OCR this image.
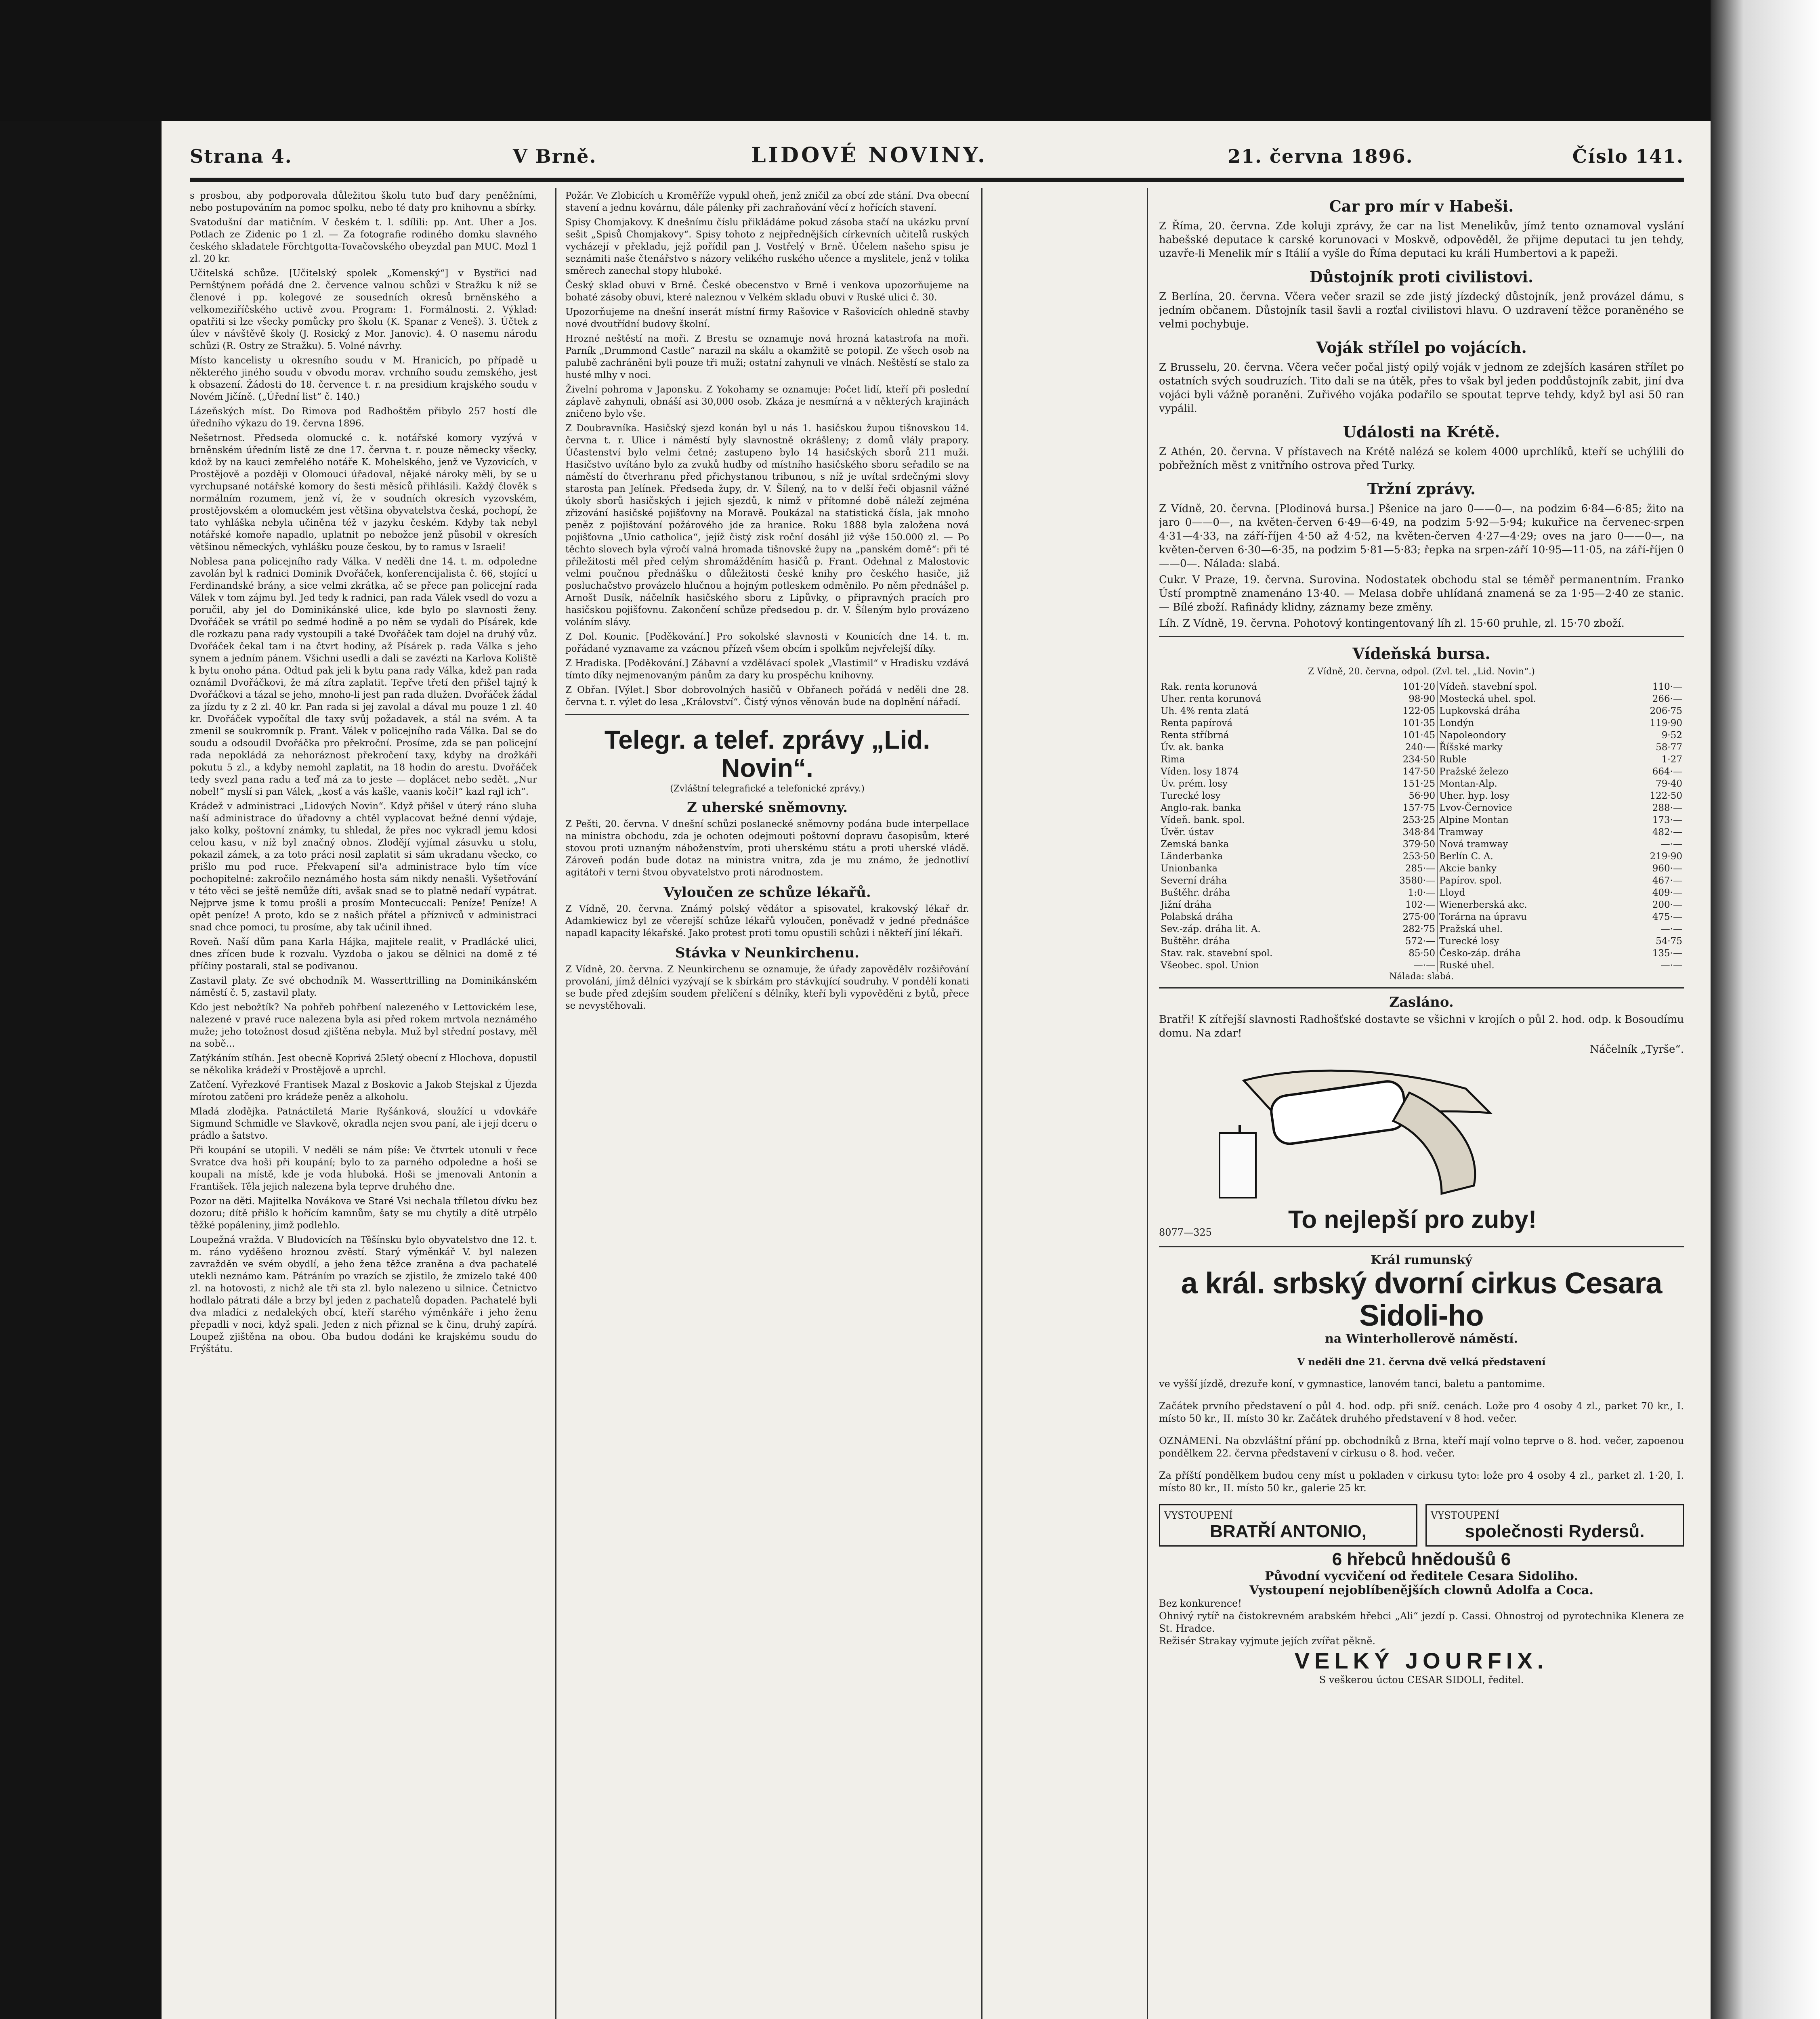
Strana 4.	V Brně.	LIDOVÉ NOVINY.	21. června 1896.	Číslo 141.

s prosbou, aby podporovala důležitou školu tuto buď dary peněžními, nebo postupováním na pomoc spolku, nebo té daty pro knihovnu a sbírky.

Svatodušní dar matičním. V českém t. l. sdílili: pp. Ant. Uher a Jos. Potlach ze Zidenic po 1 zl. — Za fotografie rodiného domku slavného českého skladatele Förchtgotta-Tovačovského obeyzdal pan MUC. Mozl 1 zl. 20 kr.

Učitelská schůze. [Učitelský spolek „Komenský“] v Bystřici nad Pernštýnem pořádá dne 2. července valnou schůzi v Stražku k níž se členové i pp. kolegové ze sousedních okresů brněnského a velkomeziříčského uctivě zvou. Program: 1. Formálnosti. 2. Výklad: opatřiti si lze všecky pomůcky pro školu (K. Spanar z Veneš). 3. Účtek z úlev v návštěvě školy (J. Rosický z Mor. Janovic). 4. O nasemu národu schůzi (R. Ostry ze Stražku). 5. Volné návrhy.

Místo kancelisty u okresního soudu v M. Hranicích, po případě u některého jiného soudu v obvodu morav. vrchního soudu zemského, jest k obsazení. Žádosti do 18. července t. r. na presidium krajského soudu v Novém Jičíně. („Úřední list“ č. 140.)

Lázeňských míst. Do Rimova pod Radhoštěm přibylo 257 hostí dle úředního výkazu do 19. června 1896.

Nešetrnost. Předseda olomucké c. k. notářské komory vyzývá v brněnském úředním listě ze dne 17. června t. r. pouze německy všecky, kdož by na kauci zemřelého notáře K. Mohelského, jenž ve Vyzovicích, v Prostějově a později v Olomouci úřadoval, nějaké nároky měli, by se u vyrchupsané notářské komory do šesti měsíců přihlásili. Každý člověk s normálním rozumem, jenž ví, že v soudních okresích vyzovském, prostějovském a olomuckém jest většina obyvatelstva česká, pochopí, že tato vyhláška nebyla učiněna též v jazyku českém. Kdyby tak nebyl notářské komoře napadlo, uplatnit po nebožce jenž působil v okresích většinou německých, vyhlášku pouze českou, by to ramus v Israeli!

Noblesa pana policejního rady Válka. V neděli dne 14. t. m. odpoledne zavolán byl k radnici Dominik Dvořáček, konferencijalista č. 66, stojící u Ferdinandské brány, a sice velmi zkrátka, ač se přece pan policejní rada Válek v tom zájmu byl. Jed tedy k radnici, pan rada Válek vsedl do vozu a poručil, aby jel do Dominikánské ulice, kde bylo po slavnosti ženy. Dvořáček se vrátil po sedmé hodině a po něm se vydali do Písárek, kde dle rozkazu pana rady vystoupili a také Dvořáček tam dojel na druhý vůz. Dvořáček čekal tam i na čtvrt hodiny, až Písárek p. rada Válka s jeho synem a jedním pánem. Všichni usedli a dali se zavézti na Karlova Koliště k bytu onoho pána. Odtud pak jeli k bytu pana rady Válka, kdež pan rada oznámil Dvořáčkovi, že má zítra zaplatit. Tepřve třetí den přišel tajný k Dvořáčkovi a tázal se jeho, mnoho-li jest pan rada dlužen. Dvořáček žádal za jízdu ty z 2 zl. 40 kr. Pan rada si jej zavolal a dával mu pouze 1 zl. 40 kr. Dvořáček vypočítal dle taxy svůj požadavek, a stál na svém. A ta zmenil se soukromník p. Frant. Válek v policejního rada Válka. Dal se do soudu a odsoudil Dvořáčka pro překroční. Prosíme, zda se pan policejní rada nepokládá za nehoráznost překročení taxy, kdyby na drožkáři pokutu 5 zl., a kdyby nemohl zaplatit, na 18 hodin do arestu. Dvořáček tedy svezl pana radu a teď má za to jeste — doplácet nebo sedět. „Nur nobel!“ myslí si pan Válek, „kosť a vás kašle, vaanis kočí!“ kazl rajl ich“.

Krádež v administraci „Lidových Novin“. Když přišel v úterý ráno sluha naší administrace do úřadovny a chtěl vyplacovat bežné denní výdaje, jako kolky, poštovní známky, tu shledal, že přes noc vykradl jemu kdosi celou kasu, v níž byl značný obnos. Zlodějí vyjímal zásuvku u stolu, pokazil zámek, a za toto práci nosil zaplatit si sám ukradanu všecko, co prišlo mu pod ruce. Překvapení sil'a administrace bylo tím více pochopitelné: zakročilo neznámého hosta sám nikdy nenašli. Vyšetřování v této věci se ještě nemůže díti, avšak snad se to platně nedaří vypátrat. Nejprve jsme k tomu prošli a prosím Montecuccali: Peníze! Peníze! A opět peníze! A proto, kdo se z našich přátel a příznivců v administraci snad chce pomoci, tu prosíme, aby tak učinil ihned.

Roveň. Naší dům pana Karla Hájka, majitele realit, v Pradlácké ulici, dnes zřícen bude k rozvalu. Vyzdoba o jakou se dělnici na domě z té příčiny postarali, stal se podivanou.

Zastavil platy. Ze své obchodník M. Wasserttrilling na Dominikánském náměstí č. 5, zastavil platy.

Kdo jest nebožtík? Na pohřeb pohřbení nalezeného v Lettovickém lese, nalezené v pravé ruce nalezena byla asi před rokem mrtvola neznámého muže; jeho totožnost dosud zjištěna nebyla. Muž byl střední postavy, měl na sobě...

Zatýkáním stíhán. Jest obecně Koprivá 25letý obecní z Hlochova, dopustil se několika krádeží v Prostějově a uprchl.

Zatčení. Vyřezkové Frantisek Mazal z Boskovic a Jakob Stejskal z Újezda mírotou zatčeni pro krádeže peněz a alkoholu.

Mladá zlodějka. Patnáctiletá Marie Ryšánková, sloužící u vdovkáře Sigmund Schmidle ve Slavkově, okradla nejen svou paní, ale i její dceru o prádlo a šatstvo.

Při koupání se utopili. V neděli se nám píše: Ve čtvrtek utonuli v řece Svratce dva hoši při koupání; bylo to za parného odpoledne a hoši se koupali na místě, kde je voda hluboká. Hoši se jmenovali Antonín a František. Těla jejich nalezena byla teprve druhého dne.

Pozor na děti. Majitelka Novákova ve Staré Vsi nechala tříletou dívku bez dozoru; dítě přišlo k hořícím kamnům, šaty se mu chytily a dítě utrpělo těžké popáleniny, jimž podlehlo.

Loupežná vražda. V Bludovicích na Těšínsku bylo obyvatelstvo dne 12. t. m. ráno vyděšeno hroznou zvěstí. Starý výměnkář V. byl nalezen zavražděn ve svém obydlí, a jeho žena těžce zraněna a dva pachatelé utekli neznámo kam. Pátráním po vrazích se zjistilo, že zmizelo také 400 zl. na hotovosti, z nichž ale tři sta zl. bylo nalezeno u silnice. Četnictvo hodlalo pátrati dále a brzy byl jeden z pachatelů dopaden. Pachatelé byli dva mladíci z nedalekých obcí, kteří starého výměnkáře i jeho ženu přepadli v noci, když spali. Jeden z nich přiznal se k činu, druhý zapírá. Loupež zjištěna na obou. Oba budou dodáni ke krajskému soudu do Frýštátu.

Požár. Ve Zlobicích u Kroměříže vypukl oheň, jenž zničil za obcí zde stání. Dva obecní stavení a jednu kovárnu, dále pálenky při zachraňování věcí z hořících stavení.

Spisy Chomjakovy. K dnešnímu číslu přikládáme pokud zásoba stačí na ukázku první sešit „Spisů Chomjakovy“. Spisy tohoto z nejpřednějších církevních učitelů ruských vycházejí v překladu, jejž pořídil pan J. Vostřelý v Brně. Účelem našeho spisu je seznámiti naše čtenářstvo s názory velikého ruského učence a myslitele, jenž v tolika směrech zanechal stopy hluboké.

Český sklad obuvi v Brně. České obecenstvo v Brně i venkova upozorňujeme na bohaté zásoby obuvi, které naleznou v Velkém skladu obuvi v Ruské ulici č. 30.

Upozorňujeme na dnešní inserát místní firmy Rašovice v Rašovicích ohledně stavby nové dvoutřídní budovy školní.

Hrozné neštěstí na moři. Z Brestu se oznamuje nová hrozná katastrofa na moři. Parník „Drummond Castle“ narazil na skálu a okamžitě se potopil. Ze všech osob na palubě zachráněni byli pouze tři muži; ostatní zahynuli ve vlnách. Neštěstí se stalo za husté mlhy v noci.

Živelní pohroma v Japonsku. Z Yokohamy se oznamuje: Počet lidí, kteří při poslední záplavě zahynuli, obnáší asi 30,000 osob. Zkáza je nesmírná a v některých krajinách zničeno bylo vše.

Z Doubravníka. Hasičský sjezd konán byl u nás 1. hasičskou župou tišnovskou 14. června t. r. Ulice i náměstí byly slavnostně okrášleny; z domů vlály prapory. Účastenství bylo velmi četné; zastupeno bylo 14 hasičských sborů 211 muži. Hasičstvo uvítáno bylo za zvuků hudby od místního hasičského sboru seřadilo se na náměstí do čtverhranu před přichystanou tribunou, s níž je uvítal srdečnými slovy starosta pan Jelínek. Předseda župy, dr. V. Šílený, na to v delší řeči objasnil vážné úkoly sborů hasičských i jejich sjezdů, k nimž v přítomné době náleží zejména zřizování hasičské pojišťovny na Moravě. Poukázal na statistická čísla, jak mnoho peněz z pojištování požárového jde za hranice. Roku 1888 byla založena nová pojišťovna „Unio catholica“, jejíž čistý zisk roční dosáhl již výše 150.000 zl. — Po těchto slovech byla výročí valná hromada tišnovské župy na „panském domě“: při té příležitosti měl před celým shromážděním hasičů p. Frant. Odehnal z Malostovic velmi poučnou přednášku o důležitosti české knihy pro českého hasiče, již posluchačstvo provázelo hlučnou a hojným potleskem odměnilo. Po něm přednášel p. Arnošt Dusík, náčelník hasičského sboru z Lipůvky, o připravných pracích pro hasičskou pojišťovnu. Zakončení schůze předsedou p. dr. V. Šíleným bylo provázeno voláním slávy.

Z Dol. Kounic. [Poděkování.] Pro sokolské slavnosti v Kounicích dne 14. t. m. pořádané vyznavame za vzácnou přízeň všem obcím i spolkům nejvřelejší díky.

Z Hradiska. [Poděkování.] Zábavní a vzdělávací spolek „Vlastimil“ v Hradisku vzdává tímto díky nejmenovaným pánům za dary ku prospěchu knihovny.

Z Obřan. [Výlet.] Sbor dobrovolných hasičů v Obřanech pořádá v neděli dne 28. června t. r. výlet do lesa „Království“. Čistý výnos věnován bude na doplnění nářadí.

Telegr. a telef. zprávy „Lid. Novin“.
(Zvláštní telegrafické a telefonické zprávy.)
Z uherské sněmovny.

Z Pešti, 20. června. V dnešní schůzi poslanecké sněmovny podána bude interpellace na ministra obchodu, zda je ochoten odejmouti poštovní dopravu časopisům, které stovou proti uznaným náboženstvím, proti uherskému státu a proti uherské vládě. Zároveň podán bude dotaz na ministra vnitra, zda je mu známo, že jednotliví agitátoři v terni štvou obyvatelstvo proti národnostem.

Vyloučen ze schůze lékařů.

Z Vídně, 20. června. Známý polský vědátor a spisovatel, krakovský lékař dr. Adamkiewicz byl ze včerejší schůze lékařů vyloučen, poněvadž v jedné přednášce napadl kapacity lékařské. Jako protest proti tomu opustili schůzi i někteří jiní lékaři.

Stávka v Neunkirchenu.

Z Vídně, 20. června. Z Neunkirchenu se oznamuje, že úřady zapovědělv rozšiřování provolání, jímž dělníci vyzývají se k sbírkám pro stávkující soudruhy. V pondělí konati se bude před zdejším soudem přelíčení s dělníky, kteří byli vypověděni z bytů, přece se nevystěhovali.

Car pro mír v Habeši.

Z Říma, 20. června. Zde koluji zprávy, že car na list Menelikův, jímž tento oznamoval vyslání habešské deputace k carské korunovaci v Moskvě, odpověděl, že přijme deputaci tu jen tehdy, uzavře-li Menelik mír s Itálií a vyšle do Říma deputaci ku králi Humbertovi a k papeži.

Důstojník proti civilistovi.

Z Berlína, 20. června. Včera večer srazil se zde jistý jízdecký důstojník, jenž provázel dámu, s jedním občanem. Důstojník tasil šavli a rozťal civilistovi hlavu. O uzdravení těžce poraněného se velmi pochybuje.

Voják střílel po vojácích.

Z Brusselu, 20. června. Včera večer počal jistý opilý voják v jednom ze zdejších kasáren střílet po ostatních svých soudruzích. Tito dali se na útěk, přes to však byl jeden poddůstojník zabit, jiní dva vojáci byli vážně poraněni. Zuřivého vojáka podařilo se spoutat teprve tehdy, když byl asi 50 ran vypálil.

Události na Krétě.

Z Athén, 20. června. V přístavech na Krétě nalézá se kolem 4000 uprchlíků, kteří se uchýlili do pobřežních měst z vnitřního ostrova před Turky.

Tržní zprávy.

Z Vídně, 20. června. [Plodinová bursa.] Pšenice na jaro 0——0—, na podzim 6·84—6·85; žito na jaro 0——0—, na květen-červen 6·49—6·49, na podzim 5·92—5·94; kukuřice na červenec-srpen 4·31—4·33, na září-říjen 4·50 až 4·52, na květen-červen 4·27—4·29; oves na jaro 0——0—, na květen-červen 6·30—6·35, na podzim 5·81—5·83; řepka na srpen-září 10·95—11·05, na září-říjen 0——0—. Nálada: slabá.

Cukr. V Praze, 19. června. Surovina. Nodostatek obchodu stal se téměř permanentním. Franko Ústí promptně znamenáno 13·40. — Melasa dobře uhlídaná znamená se za 1·95—2·40 ze stanic. — Bílé zboží. Rafinády klidny, záznamy beze změny.

Líh. Z Vídně, 19. června. Pohotový kontingentovaný líh zl. 15·60 pruhle, zl. 15·70 zboží.

Vídeňská bursa.
Z Vídně, 20. června, odpol. (Zvl. tel. „Lid. Novin“.)
Rak. renta korunová	101·20	Vídeň. stavební spol.	110·—
Uher. renta korunová	98·90	Mostecká uhel. spol.	266·—
Uh. 4% renta zlatá	122·05	Lupkovská dráha	206·75
Renta papírová	101·35	Londýn	119·90
Renta stříbrná	101·45	Napoleondory	9·52
Úv. ak. banka	240·—	Říšské marky	58·77
Rima	234·50	Ruble	1·27
Víden. losy 1874	147·50	Pražské železo	664·—
Úv. prém. losy	151·25	Montan-Alp.	79·40
Turecké losy	56·90	Uher. hyp. losy	122·50
Anglo-rak. banka	157·75	Lvov-Černovice	288·—
Vídeň. bank. spol.	253·25	Alpine Montan	173·—
Úvěr. ústav	348·84	Tramway	482·—
Zemská banka	379·50	Nová tramway	—·—
Länderbanka	253·50	Berlín C. A.	219·90
Unionbanka	285·—	Akcie banky	960·—
Severní dráha	3580·—	Papírov. spol.	467·—
Buštěhr. dráha	1:0·—	Lloyd	409·—
Jižní dráha	102·—	Wienerberská akc.	200·—
Polabská dráha	275·00	Torárna na úpravu	475·—
Sev.-záp. dráha lit. A.	282·75	Pražská uhel.	—·—
Buštěhr. dráha	572·—	Turecké losy	54·75
Stav. rak. stavební spol.	85·50	Česko-záp. dráha	135·—
Všeobec. spol. Union	—·—	Ruské uhel.	—·—
Nálada: slabá.
Zasláno.

Bratři! K zítřejší slavnosti Radhošťské dostavte se všichni v krojích o půl 2. hod. odp. k Bosoudímu domu. Na zdar!

Náčelník „Tyrše“.

8077—325	To nejlepší pro zuby!
Král rumunský
a král. srbský dvorní cirkus Cesara Sidoli-ho
na Winterhollerově náměstí.

V neděli dne 21. června dvě velká představení

ve vyšší jízdě, drezuře koní, v gymnastice, lanovém tanci, baletu a pantomime.

Začátek prvního představení o půl 4. hod. odp. při sníž. cenách. Lože pro 4 osoby 4 zl., parket 70 kr., I. místo 50 kr., II. místo 30 kr. Začátek druhého představení v 8 hod. večer.

OZNÁMENÍ. Na obzvláštní přání pp. obchodníků z Brna, kteří mají volno teprve o 8. hod. večer, zapoenou pondělkem 22. června představení v cirkusu o 8. hod. večer.

Za příští pondělkem budou ceny míst u pokladen v cirkusu tyto: lože pro 4 osoby 4 zl., parket zl. 1·20, I. místo 80 kr., II. místo 50 kr., galerie 25 kr.

VYSTOUPENÍ
BRATŘÍ ANTONIO,
VYSTOUPENÍ
společnosti Rydersů.
6 hřebců hnědoušů 6
Původní vycvičení od ředitele Cesara Sidoliho.
Vystoupení nejoblíbenějších clownů Adolfa a Coca.
Bez konkurence!
Ohnivý rytíř na čistokrevném arabském hřebci „Ali“ jezdí p. Cassi. Ohnostroj od pyrotechnika Klenera ze St. Hradce.
Režisér Strakay vyjmute jejích zvířat pěkně.
VELKÝ JOURFIX.
S veškerou úctou CESAR SIDOLI, ředitel.
